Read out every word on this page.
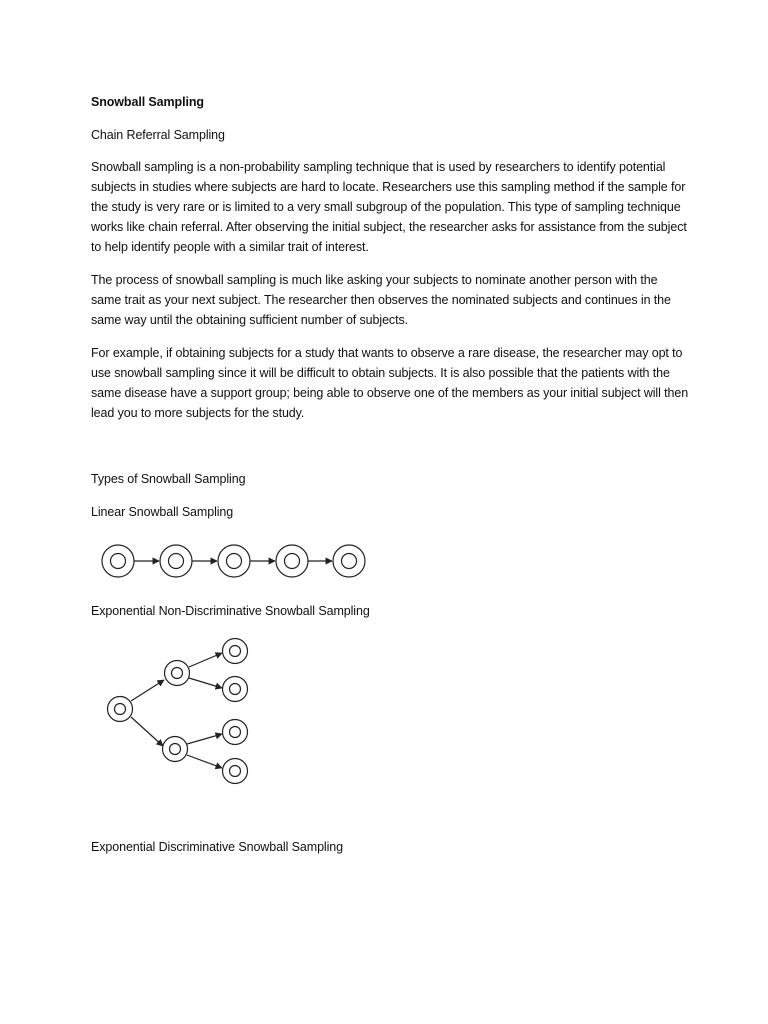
Snowball Sampling

Chain Referral Sampling

Snowball sampling is a non-probability sampling technique that is used by researchers to identify potential subjects in studies where subjects are hard to locate. Researchers use this sampling method if the sample for the study is very rare or is limited to a very small subgroup of the population. This type of sampling technique works like chain referral. After observing the initial subject, the researcher asks for assistance from the subject to help identify people with a similar trait of interest.

The process of snowball sampling is much like asking your subjects to nominate another person with the same trait as your next subject. The researcher then observes the nominated subjects and continues in the same way until the obtaining sufficient number of subjects.

For example, if obtaining subjects for a study that wants to observe a rare disease, the researcher may opt to use snowball sampling since it will be difficult to obtain subjects. It is also possible that the patients with the same disease have a support group; being able to observe one of the members as your initial subject will then lead you to more subjects for the study.

Types of Snowball Sampling

Linear Snowball Sampling

Exponential Non-Discriminative Snowball Sampling

Exponential Discriminative Snowball Sampling
